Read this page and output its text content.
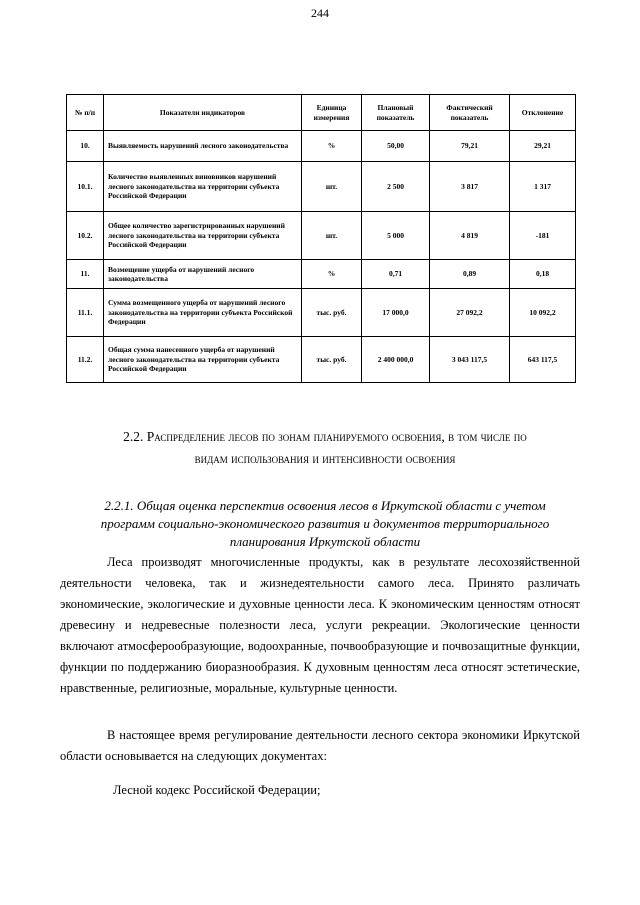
244
№ п/п	Показатели индикаторов	Единица измерения	Плановый показатель	Фактический показатель	Отклонение
10.	Выявляемость нарушений лесного законодательства	%	50,00	79,21	29,21
10.1.	Количество выявленных виновников нарушений лесного законодательства на территории субъекта Российской Федерации	шт.	2 500	3 817	1 317
10.2.	Общее количество зарегистрированных нарушений лесного законодательства на территории субъекта Российской Федерации	шт.	5 000	4 819	-181
11.	Возмещение ущерба от нарушений лесного законодательства	%	0,71	0,89	0,18
11.1.	Сумма возмещенного ущерба от нарушений лесного законодательства на территории субъекта Российской Федерации	тыс. руб.	17 000,0	27 092,2	10 092,2
11.2.	Общая сумма нанесенного ущерба от нарушений лесного законодательства на территории субъекта Российской Федерации	тыс. руб.	2 400 000,0	3 043 117,5	643 117,5
2.2. Распределение лесов по зонам планируемого освоения, в том числе по
видам использования и интенсивности освоения
2.2.1. Общая оценка перспектив освоения лесов в Иркутской области с учетом
программ социально-экономического развития и документов территориального
планирования Иркутской области
Леса производят многочисленные продукты, как в результате лесохозяйственной деятельности человека, так и жизнедеятельности самого леса. Принято различать экономические, экологические и духовные ценности леса. К экономическим ценностям относят древесину и недревесные полезности леса, услуги рекреации. Экологические ценности включают атмосферообразующие, водоохранные, почвообразующие и почвозащитные функции, функции по поддержанию биоразнообразия. К духовным ценностям леса относят эстетические, нравственные, религиозные, моральные, культурные ценности.
В настоящее время регулирование деятельности лесного сектора экономики Иркутской области основывается на следующих документах:
Лесной кодекс Российской Федерации;
